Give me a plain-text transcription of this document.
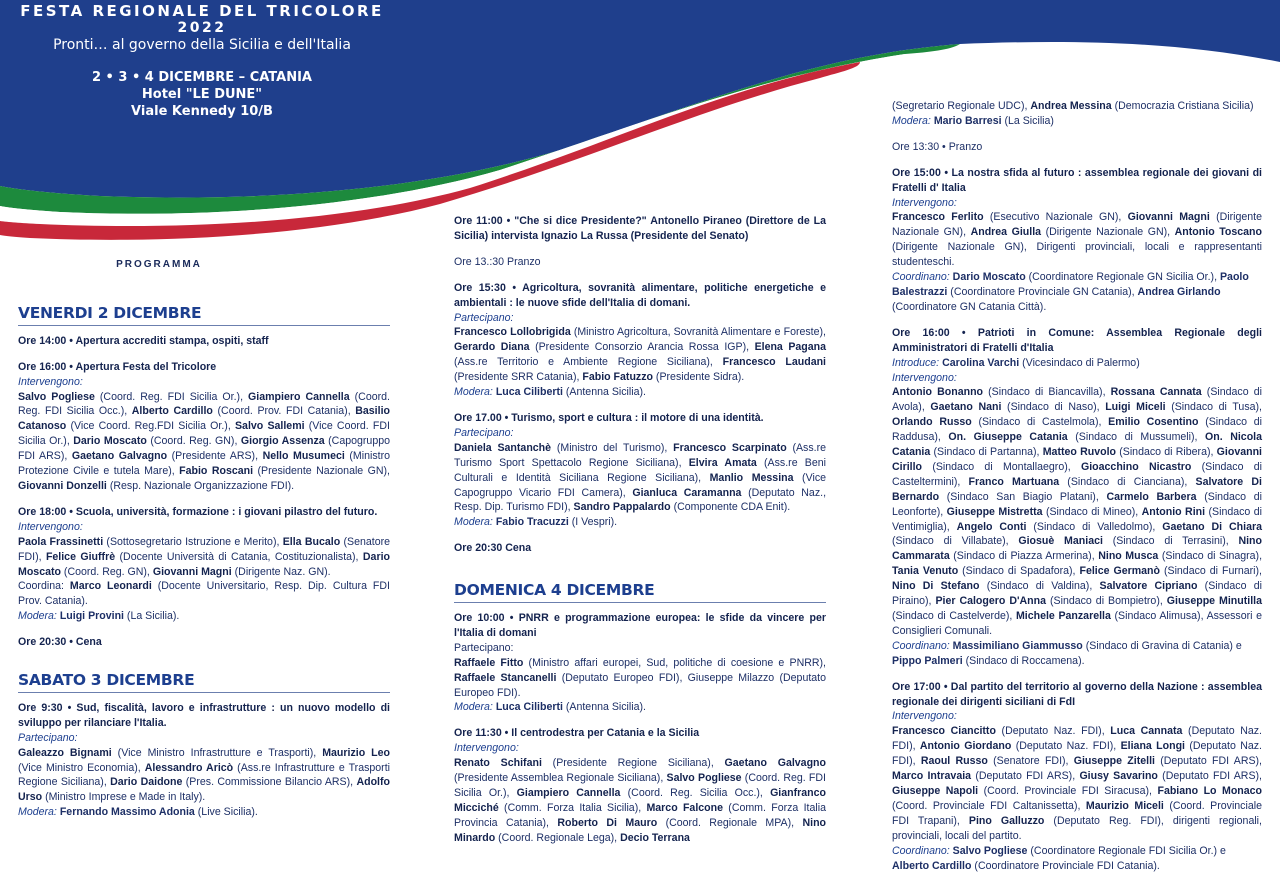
FESTA REGIONALE DEL TRICOLORE
2022
Pronti… al governo della Sicilia e dell'Italia
2 • 3 • 4 DICEMBRE – CATANIA
Hotel "LE DUNE"
Viale Kennedy 10/B
PROGRAMMA
VENERDI 2 DICEMBRE
Ore 14:00 • Apertura accrediti stampa, ospiti, staff
Ore 16:00 • Apertura Festa del Tricolore
Intervengono:
Salvo Pogliese (Coord. Reg. FDI Sicilia Or.), Giampiero Cannella (Coord. Reg. FDI Sicilia Occ.), Alberto Cardillo (Coord. Prov. FDI Catania), Basilio Catanoso (Vice Coord. Reg.FDI Sicilia Or.), Salvo Sallemi (Vice Coord. FDI Sicilia Or.), Dario Moscato (Coord. Reg. GN), Giorgio Assenza (Capogruppo FDI ARS), Gaetano Galvagno (Presidente ARS), Nello Musumeci (Ministro Protezione Civile e tutela Mare), Fabio Roscani (Presidente Nazionale GN), Giovanni Donzelli (Resp. Nazionale Organizzazione FDI).
Ore 18:00 • Scuola, università, formazione : i giovani pilastro del futuro.
Intervengono:
Paola Frassinetti (Sottosegretario Istruzione e Merito), Ella Bucalo (Senatore FDI), Felice Giuffrè (Docente Università di Catania, Costituzionalista), Dario Moscato (Coord. Reg. GN), Giovanni Magni (Dirigente Naz. GN).
Coordina: Marco Leonardi (Docente Universitario, Resp. Dip. Cultura FDI Prov. Catania).
Modera: Luigi Provini (La Sicilia).
Ore 20:30 • Cena
SABATO 3 DICEMBRE
Ore 9:30 • Sud, fiscalità, lavoro e infrastrutture : un nuovo modello di sviluppo per rilanciare l'Italia.
Partecipano:
Galeazzo Bignami (Vice Ministro Infrastrutture e Trasporti), Maurizio Leo (Vice Ministro Economia), Alessandro Aricò (Ass.re Infrastrutture e Trasporti Regione Siciliana), Dario Daidone (Pres. Commissione Bilancio ARS), Adolfo Urso (Ministro Imprese e Made in Italy).
Modera: Fernando Massimo Adonia (Live Sicilia).
Ore 11:00 • "Che si dice Presidente?" Antonello Piraneo (Direttore de La Sicilia) intervista Ignazio La Russa (Presidente del Senato)
Ore 13.:30 Pranzo
Ore 15:30 • Agricoltura, sovranità alimentare, politiche energetiche e ambientali : le nuove sfide dell'Italia di domani.
Partecipano:
Francesco Lollobrigida (Ministro Agricoltura, Sovranità Alimentare e Foreste), Gerardo Diana (Presidente Consorzio Arancia Rossa IGP), Elena Pagana (Ass.re Territorio e Ambiente Regione Siciliana), Francesco Laudani (Presidente SRR Catania), Fabio Fatuzzo (Presidente Sidra).
Modera: Luca Ciliberti (Antenna Sicilia).
Ore 17.00 • Turismo, sport e cultura : il motore di una identità.
Partecipano:
Daniela Santanchè (Ministro del Turismo), Francesco Scarpinato (Ass.re Turismo Sport Spettacolo Regione Siciliana), Elvira Amata (Ass.re Beni Culturali e Identità Siciliana Regione Siciliana), Manlio Messina (Vice Capogruppo Vicario FDI Camera), Gianluca Caramanna (Deputato Naz., Resp. Dip. Turismo FDI), Sandro Pappalardo (Componente CDA Enit).
Modera: Fabio Tracuzzi (I Vespri).
Ore 20:30 Cena
DOMENICA 4 DICEMBRE
Ore 10:00 • PNRR e programmazione europea: le sfide da vincere per l'Italia di domani
Partecipano:
Raffaele Fitto (Ministro affari europei, Sud, politiche di coesione e PNRR), Raffaele Stancanelli (Deputato Europeo FDI), Giuseppe Milazzo (Deputato Europeo FDI).
Modera: Luca Ciliberti (Antenna Sicilia).
Ore 11:30 • Il centrodestra per Catania e la Sicilia
Intervengono:
Renato Schifani (Presidente Regione Siciliana), Gaetano Galvagno (Presidente Assemblea Regionale Siciliana), Salvo Pogliese (Coord. Reg. FDI Sicilia Or.), Giampiero Cannella (Coord. Reg. Sicilia Occ.), Gianfranco Micciché (Comm. Forza Italia Sicilia), Marco Falcone (Comm. Forza Italia Provincia Catania), Roberto Di Mauro (Coord. Regionale MPA), Nino Minardo (Coord. Regionale Lega), Decio Terrana
(Segretario Regionale UDC), Andrea Messina (Democrazia Cristiana Sicilia)
Modera: Mario Barresi (La Sicilia)
Ore 13:30 • Pranzo
Ore 15:00 • La nostra sfida al futuro : assemblea regionale dei giovani di Fratelli d' Italia
Intervengono:
Francesco Ferlito (Esecutivo Nazionale GN), Giovanni Magni (Dirigente Nazionale GN), Andrea Giulla (Dirigente Nazionale GN), Antonio Toscano (Dirigente Nazionale GN), Dirigenti provinciali, locali e rappresentanti studenteschi.
Coordinano: Dario Moscato (Coordinatore Regionale GN Sicilia Or.), Paolo Balestrazzi (Coordinatore Provinciale GN Catania), Andrea Girlando (Coordinatore GN Catania Città).
Ore 16:00 • Patrioti in Comune: Assemblea Regionale degli Amministratori di Fratelli d'Italia
Introduce: Carolina Varchi (Vicesindaco di Palermo)
Intervengono:
Antonio Bonanno (Sindaco di Biancavilla), Rossana Cannata (Sindaco di Avola), Gaetano Nani (Sindaco di Naso), Luigi Miceli (Sindaco di Tusa), Orlando Russo (Sindaco di Castelmola), Emilio Cosentino (Sindaco di Raddusa), On. Giuseppe Catania (Sindaco di Mussumeli), On. Nicola Catania (Sindaco di Partanna), Matteo Ruvolo (Sindaco di Ribera), Giovanni Cirillo (Sindaco di Montallaegro), Gioacchino Nicastro (Sindaco di Casteltermini), Franco Martuana (Sindaco di Cianciana), Salvatore Di Bernardo (Sindaco San Biagio Platani), Carmelo Barbera (Sindaco di Leonforte), Giuseppe Mistretta (Sindaco di Mineo), Antonio Rini (Sindaco di Ventimiglia), Angelo Conti (Sindaco di Valledolmo), Gaetano Di Chiara (Sindaco di Villabate), Giosuè Maniaci (Sindaco di Terrasini), Nino Cammarata (Sindaco di Piazza Armerina), Nino Musca (Sindaco di Sinagra), Tania Venuto (Sindaco di Spadafora), Felice Germanò (Sindaco di Furnari), Nino Di Stefano (Sindaco di Valdina), Salvatore Cipriano (Sindaco di Piraino), Pier Calogero D'Anna (Sindaco di Bompietro), Giuseppe Minutilla (Sindaco di Castelverde), Michele Panzarella (Sindaco Alimusa), Assessori e Consiglieri Comunali.
Coordinano: Massimiliano Giammusso (Sindaco di Gravina di Catania) e Pippo Palmeri (Sindaco di Roccamena).
Ore 17:00 • Dal partito del territorio al governo della Nazione : assemblea regionale dei dirigenti siciliani di FdI
Intervengono:
Francesco Ciancitto (Deputato Naz. FDI), Luca Cannata (Deputato Naz. FDI), Antonio Giordano (Deputato Naz. FDI), Eliana Longi (Deputato Naz. FDI), Raoul Russo (Senatore FDI), Giuseppe Zitelli (Deputato FDI ARS), Marco Intravaia (Deputato FDI ARS), Giusy Savarino (Deputato FDI ARS), Giuseppe Napoli (Coord. Provinciale FDI Siracusa), Fabiano Lo Monaco (Coord. Provinciale FDI Caltanissetta), Maurizio Miceli (Coord. Provinciale FDI Trapani), Pino Galluzzo (Deputato Reg. FDI), dirigenti regionali, provinciali, locali del partito.
Coordinano: Salvo Pogliese (Coordinatore Regionale FDI Sicilia Or.) e Alberto Cardillo (Coordinatore Provinciale FDI Catania).
